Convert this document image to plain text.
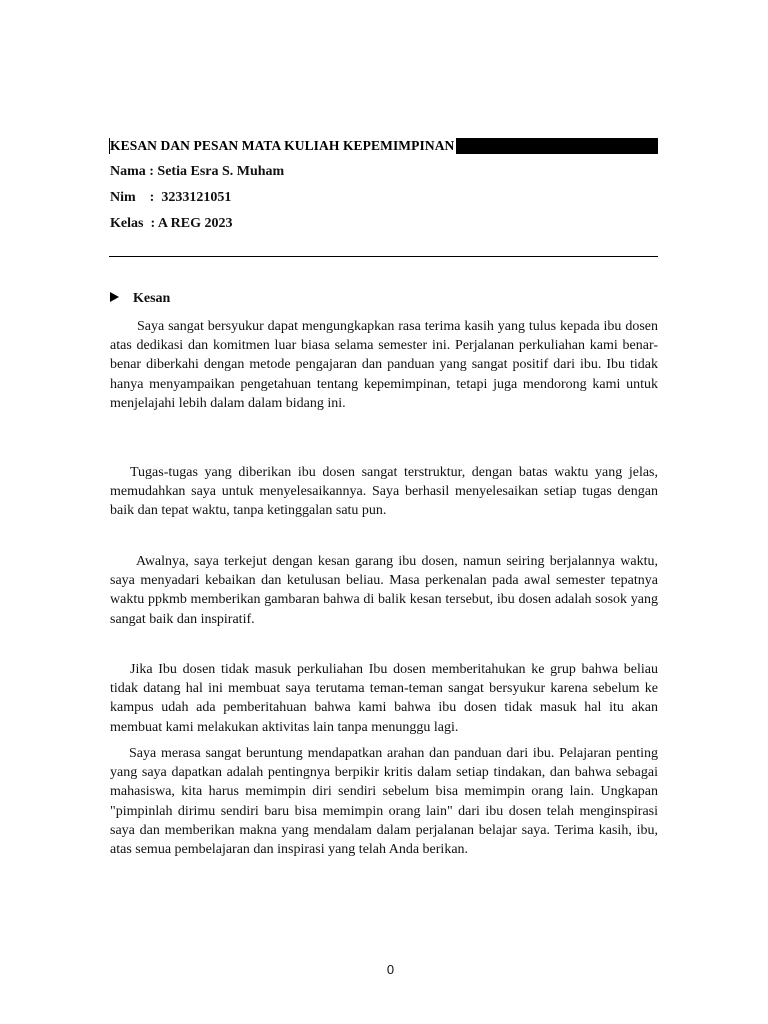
KESAN DAN PESAN MATA KULIAH KEPEMIMPINAN
Nama : Setia Esra S. Muham
Nim    :  3233121051
Kelas  : A REG 2023
Kesan

Saya sangat bersyukur dapat mengungkapkan rasa terima kasih yang tulus kepada ibu dosen atas dedikasi dan komitmen luar biasa selama semester ini. Perjalanan perkuliahan kami benar-benar diberkahi dengan metode pengajaran dan panduan yang sangat positif dari ibu. Ibu tidak hanya menyampaikan pengetahuan tentang kepemimpinan, tetapi juga mendorong kami untuk menjelajahi lebih dalam dalam bidang ini.

Tugas-tugas yang diberikan ibu dosen sangat terstruktur, dengan batas waktu yang jelas, memudahkan saya untuk menyelesaikannya. Saya berhasil menyelesaikan setiap tugas dengan baik dan tepat waktu, tanpa ketinggalan satu pun.

Awalnya, saya terkejut dengan kesan garang ibu dosen, namun seiring berjalannya waktu, saya menyadari kebaikan dan ketulusan beliau. Masa perkenalan pada awal semester tepatnya waktu ppkmb memberikan gambaran bahwa di balik kesan tersebut, ibu dosen adalah sosok yang sangat baik dan inspiratif.

Jika Ibu dosen tidak masuk perkuliahan Ibu dosen memberitahukan ke grup bahwa beliau tidak datang hal ini membuat saya terutama teman-teman sangat bersyukur karena sebelum ke kampus udah ada pemberitahuan bahwa kami bahwa ibu dosen tidak masuk hal itu akan membuat kami melakukan aktivitas lain tanpa menunggu lagi.

Saya merasa sangat beruntung mendapatkan arahan dan panduan dari ibu. Pelajaran penting yang saya dapatkan adalah pentingnya berpikir kritis dalam setiap tindakan, dan bahwa sebagai mahasiswa, kita harus memimpin diri sendiri sebelum bisa memimpin orang lain. Ungkapan "pimpinlah dirimu sendiri baru bisa memimpin orang lain" dari ibu dosen telah menginspirasi saya dan memberikan makna yang mendalam dalam perjalanan belajar saya. Terima kasih, ibu, atas semua pembelajaran dan inspirasi yang telah Anda berikan.

0
